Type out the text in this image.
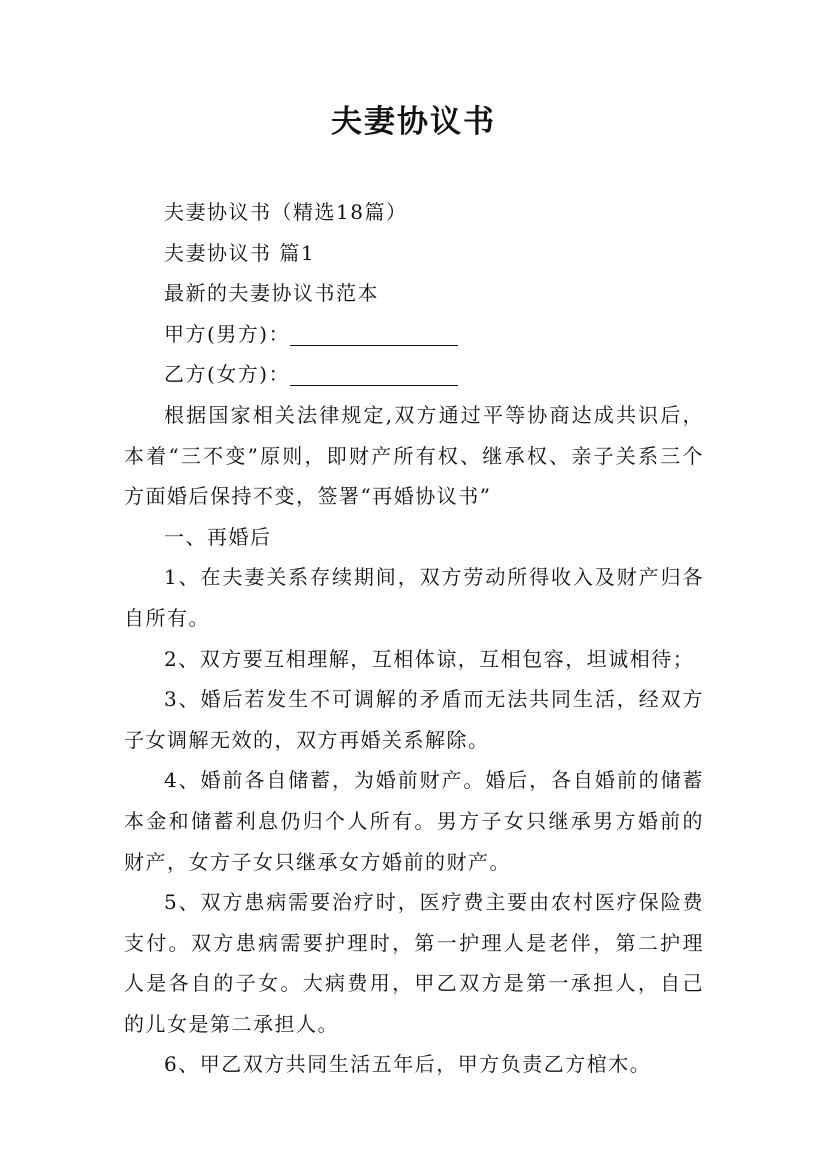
夫妻协议书

夫妻协议书（精选18篇）

夫妻协议书 篇1

最新的夫妻协议书范本

甲方(男方)：

乙方(女方)：

根据国家相关法律规定,双方通过平等协商达成共识后，本着“三不变”原则，即财产所有权、继承权、亲子关系三个方面婚后保持不变，签署“再婚协议书”

一、再婚后

1、在夫妻关系存续期间，双方劳动所得收入及财产归各自所有。

2、双方要互相理解，互相体谅，互相包容，坦诚相待；

3、婚后若发生不可调解的矛盾而无法共同生活，经双方子女调解无效的，双方再婚关系解除。

4、婚前各自储蓄，为婚前财产。婚后，各自婚前的储蓄本金和储蓄利息仍归个人所有。男方子女只继承男方婚前的财产，女方子女只继承女方婚前的财产。

5、双方患病需要治疗时，医疗费主要由农村医疗保险费支付。双方患病需要护理时，第一护理人是老伴，第二护理人是各自的子女。大病费用，甲乙双方是第一承担人，自己的儿女是第二承担人。

6、甲乙双方共同生活五年后，甲方负责乙方棺木。
